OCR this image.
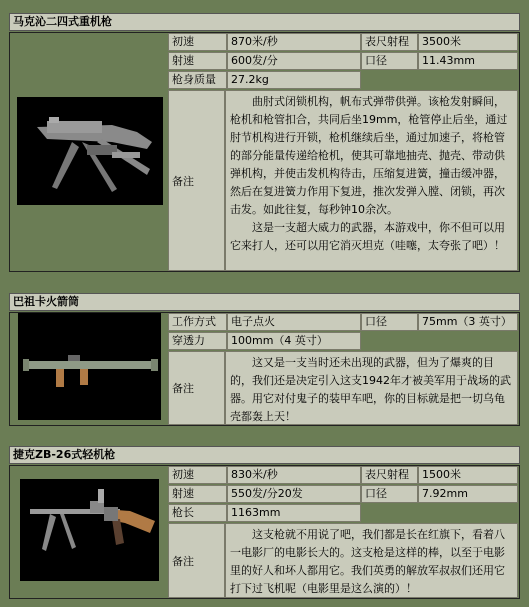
马克沁二四式重机枪
初速	870米/秒	表尺射程	3500米
射速	600发/分	口径	11.43mm
枪身质量	27.2kg
备注

曲肘式闭锁机构，帆布式弹带供弹。该枪发射瞬间，枪机和枪管扣合，共同后坐19mm，枪管停止后坐，通过肘节机构进行开锁，枪机继续后坐，通过加速子，将枪管的部分能量传递给枪机，使其可靠地抽壳、抛壳、带动供弹机构，并使击发机构待击，压缩复进簧，撞击缓冲器，然后在复进簧力作用下复进，推次发弹入膛、闭锁，再次击发。如此往复，每秒钟10余次。

这是一支超大威力的武器，本游戏中，你不但可以用它来打人，还可以用它消灭坦克（哇噻，太夸张了吧）！

巴祖卡火箭筒
工作方式	电子点火	口径	75mm（3 英寸）
穿透力	100mm（4 英寸）
备注

这又是一支当时还未出现的武器，但为了爆爽的目的，我们还是决定引入这支1942年才被美军用于战场的武器。用它对付鬼子的装甲车吧，你的目标就是把一切乌龟壳都轰上天！

捷克ZB-26式轻机枪
初速	830米/秒	表尺射程	1500米
射速	550发/分20发	口径	7.92mm
枪长	1163mm
备注

这支枪就不用说了吧，我们都是长在红旗下，看着八一电影厂的电影长大的。这支枪是这样的棒，以至于电影里的好人和坏人都用它。我们英勇的解放军叔叔们还用它打下过飞机呢（电影里是这么演的）！
